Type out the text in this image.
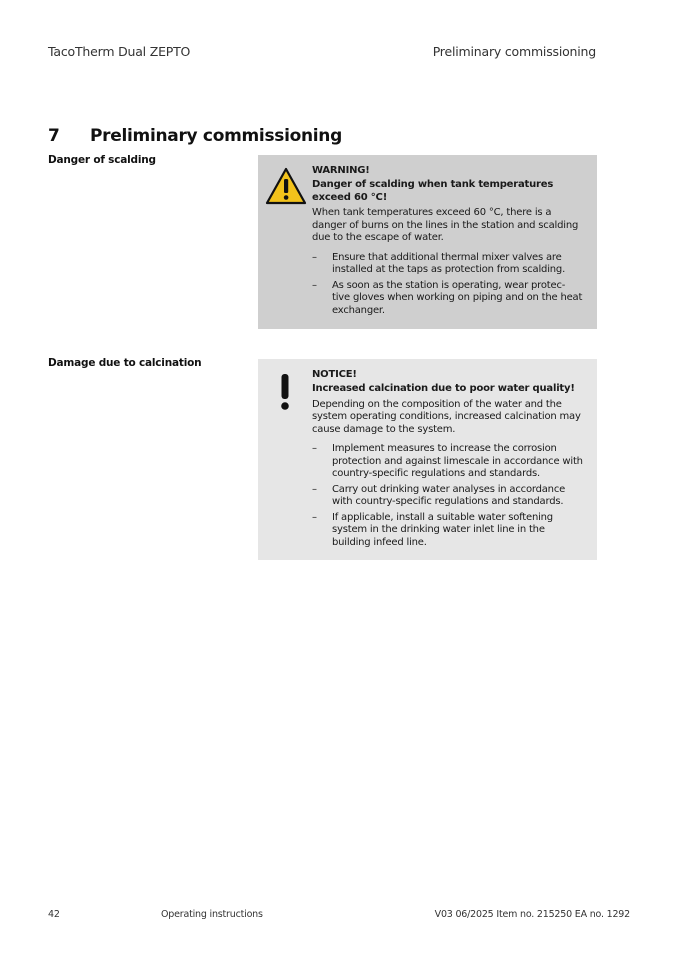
TacoTherm Dual ZEPTO	Preliminary commissioning
7 Preliminary commissioning
Danger of scalding
WARNING!
Danger of scalding when tank temperatures exceed 60 °C!
When tank temperatures exceed 60 °C, there is a danger of burns on the lines in the station and scalding due to the escape of water.
– Ensure that additional thermal mixer valves are installed at the taps as protection from scalding.
– As soon as the station is operating, wear protec-tive gloves when working on piping and on the heat exchanger.
Damage due to calcination
NOTICE!
Increased calcination due to poor water quality!
Depending on the composition of the water and the system operating conditions, increased calcination may cause damage to the system.
– Implement measures to increase the corrosion protection and against limescale in accordance with country-specific regulations and standards.
– Carry out drinking water analyses in accordance with country-specific regulations and standards.
– If applicable, install a suitable water softening system in the drinking water inlet line in the building infeed line.
42	Operating instructions	V03 06/2025 Item no. 215250 EA no. 1292
